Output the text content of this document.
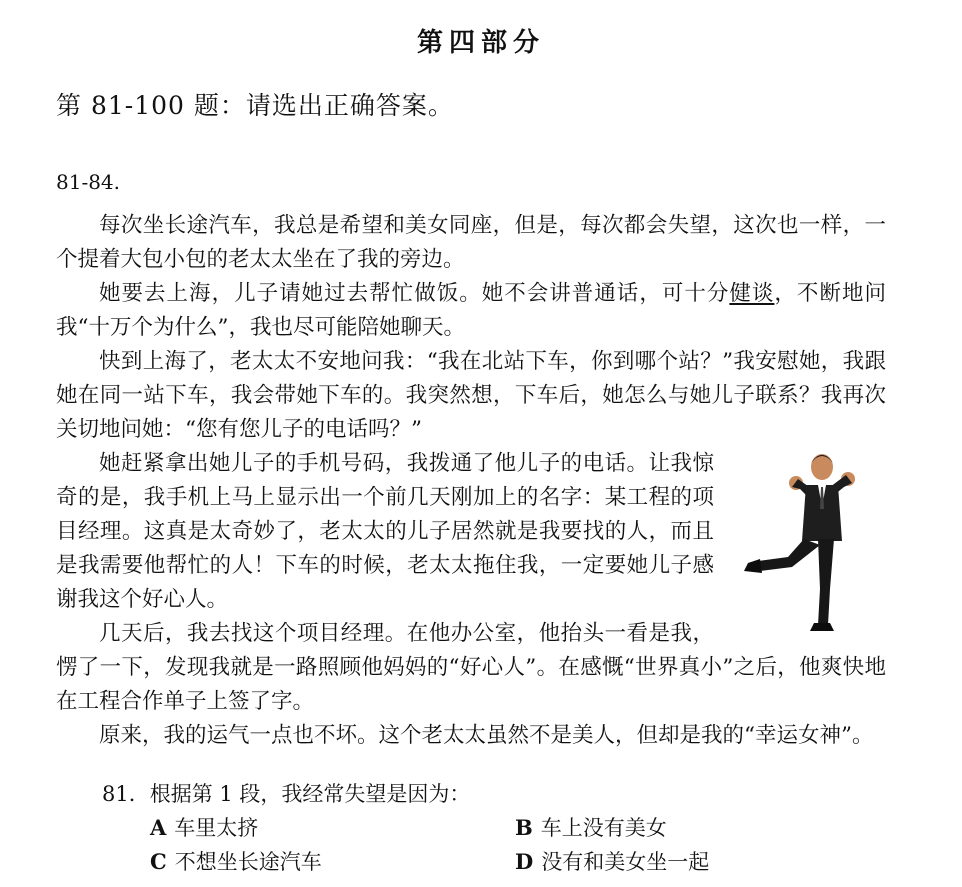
第四部分
第 81-100 题：请选出正确答案。
81-84.

每次坐长途汽车，我总是希望和美女同座，但是，每次都会失望，这次也一样，一个提着大包小包的老太太坐在了我的旁边。

她要去上海，儿子请她过去帮忙做饭。她不会讲普通话，可十分健谈，不断地问我“十万个为什么”，我也尽可能陪她聊天。

快到上海了，老太太不安地问我：“我在北站下车，你到哪个站？”我安慰她，我跟她在同一站下车，我会带她下车的。我突然想，下车后，她怎么与她儿子联系？我再次关切地问她：“您有您儿子的电话吗？”

她赶紧拿出她儿子的手机号码，我拨通了他儿子的电话。让我惊奇的是，我手机上马上显示出一个前几天刚加上的名字：某工程的项目经理。这真是太奇妙了，老太太的儿子居然就是我要找的人，而且是我需要他帮忙的人！下车的时候，老太太拖住我，一定要她儿子感谢我这个好心人。

几天后，我去找这个项目经理。在他办公室，他抬头一看是我，愣了一下，发现我就是一路照顾他妈妈的“好心人”。在感慨“世界真小”之后，他爽快地在工程合作单子上签了字。

原来，我的运气一点也不坏。这个老太太虽然不是美人，但却是我的“幸运女神”。

81．根据第 1 段，我经常失望是因为：
A 车里太挤	B 车上没有美女
C 不想坐长途汽车	D 没有和美女坐一起
